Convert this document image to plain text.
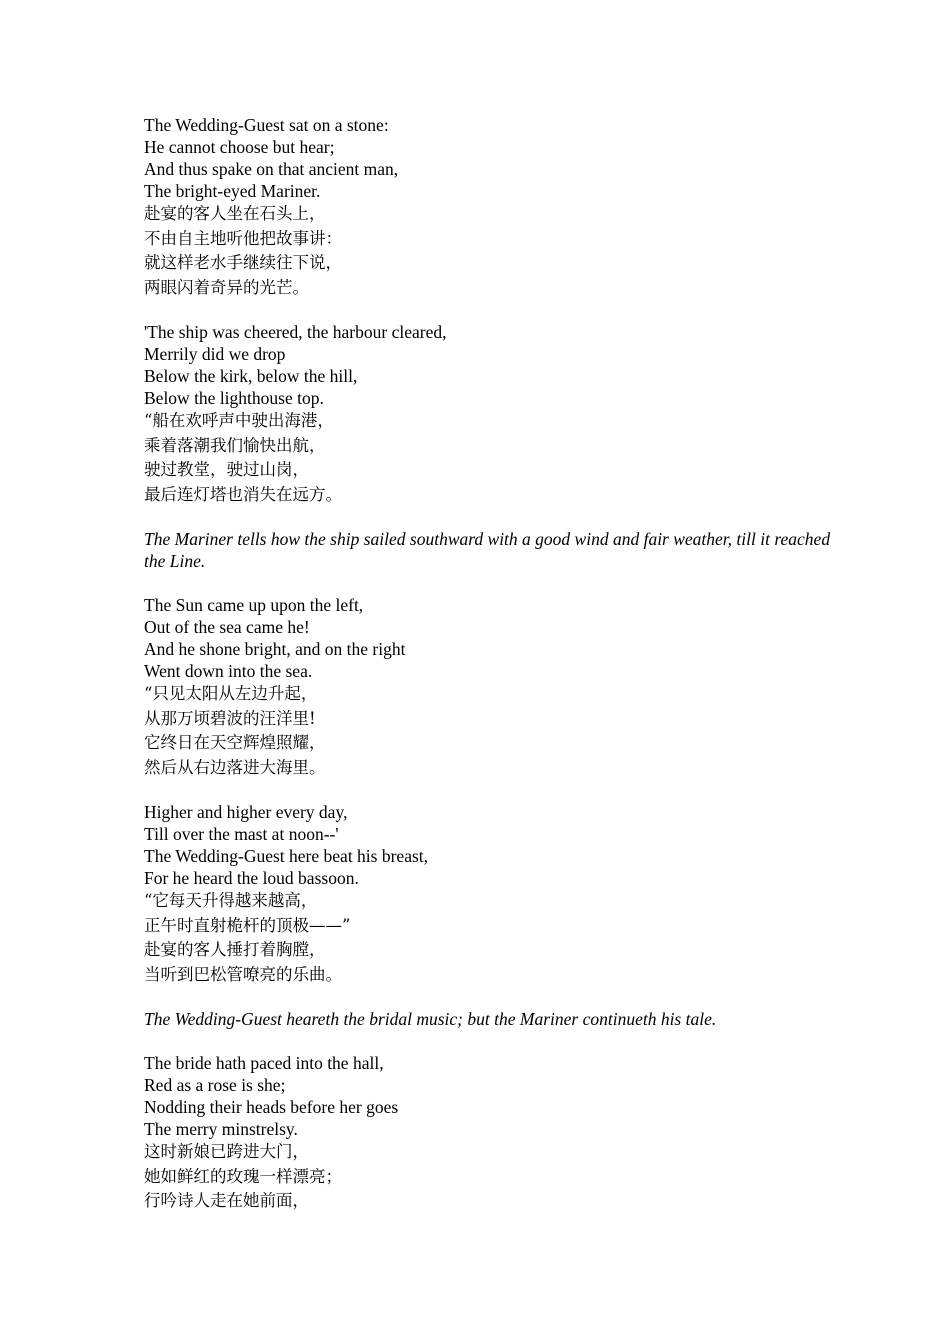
The Wedding-Guest sat on a stone:
He cannot choose but hear;
And thus spake on that ancient man,
The bright-eyed Mariner.
赴宴的客人坐在石头上，
不由自主地听他把故事讲：
就这样老水手继续往下说，
两眼闪着奇异的光芒。
'The ship was cheered, the harbour cleared,
Merrily did we drop
Below the kirk, below the hill,
Below the lighthouse top.
“船在欢呼声中驶出海港，
乘着落潮我们愉快出航，
驶过教堂，驶过山岗，
最后连灯塔也消失在远方。
The Mariner tells how the ship sailed southward with a good wind and fair weather, till it reached the Line.
The Sun came up upon the left,
Out of the sea came he!
And he shone bright, and on the right
Went down into the sea.
“只见太阳从左边升起，
从那万顷碧波的汪洋里!
它终日在天空辉煌照耀，
然后从右边落进大海里。
Higher and higher every day,
Till over the mast at noon--'
The Wedding-Guest here beat his breast,
For he heard the loud bassoon.
“它每天升得越来越高，
正午时直射桅杆的顶极——”
赴宴的客人捶打着胸膛，
当听到巴松管嘹亮的乐曲。
The Wedding-Guest heareth the bridal music; but the Mariner continueth his tale.
The bride hath paced into the hall,
Red as a rose is she;
Nodding their heads before her goes
The merry minstrelsy.
这时新娘已跨进大门，
她如鲜红的玫瑰一样漂亮；
行吟诗人走在她前面，
